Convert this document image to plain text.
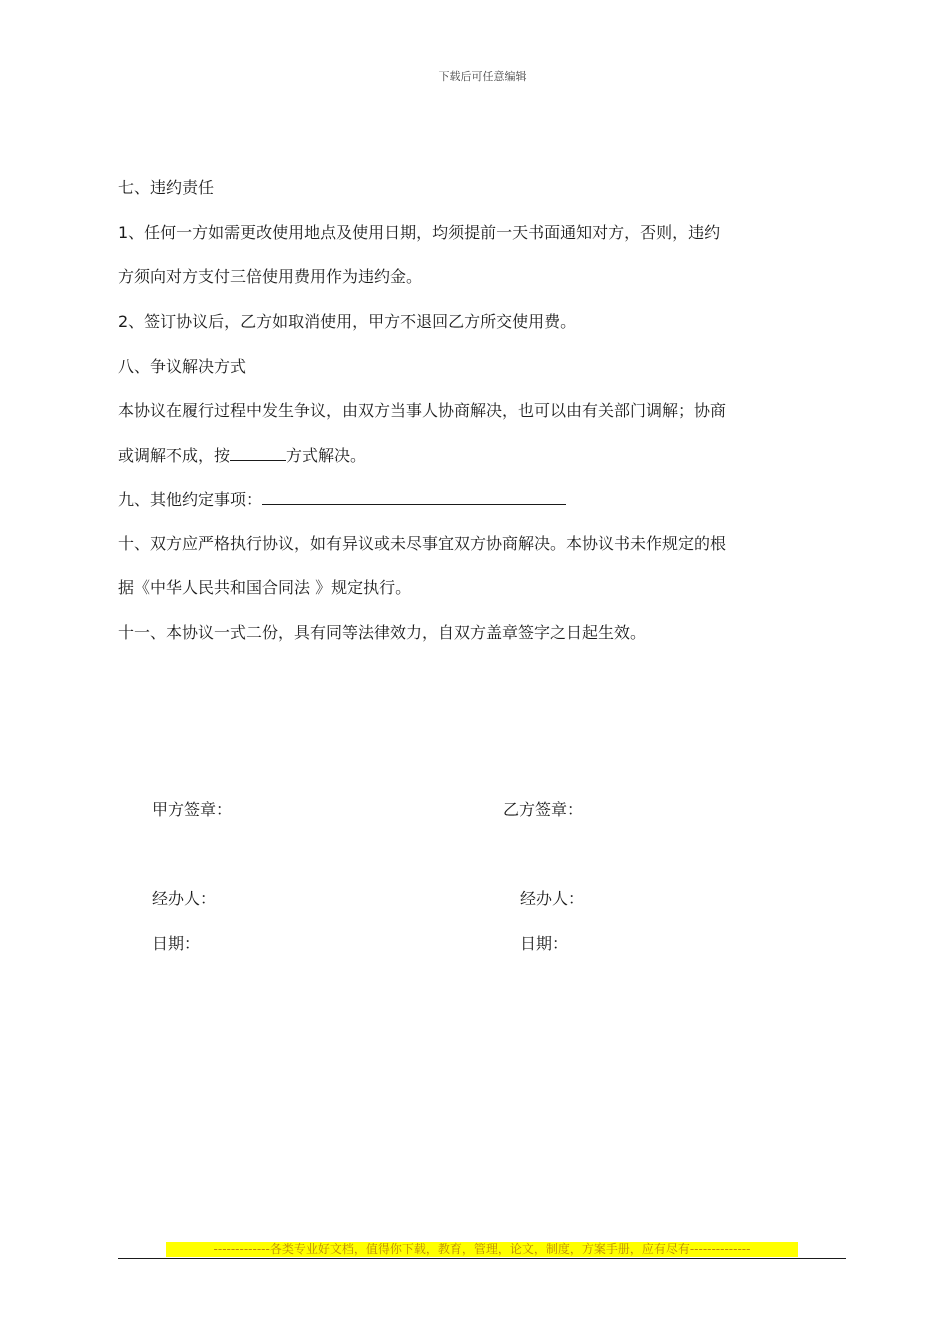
下载后可任意编辑
七、违约责任
1、任何一方如需更改使用地点及使用日期，均须提前一天书面通知对方，否则，违约
方须向对方支付三倍使用费用作为违约金。
2、签订协议后，乙方如取消使用，甲方不退回乙方所交使用费。
八、争议解决方式
本协议在履行过程中发生争议，由双方当事人协商解决，也可以由有关部门调解；协商
或调解不成，按	方式解决。
九、其他约定事项：
十、双方应严格执行协议，如有异议或未尽事宜双方协商解决。本协议书未作规定的根
据《中华人民共和国合同法 》规定执行。
十一、本协议一式二份，具有同等法律效力，自双方盖章签字之日起生效。
甲方签章：	乙方签章：
经办人：	经办人：
日期：	日期：
-------------各类专业好文档，值得你下载，教育，管理，论文，制度，方案手册，应有尽有--------------
